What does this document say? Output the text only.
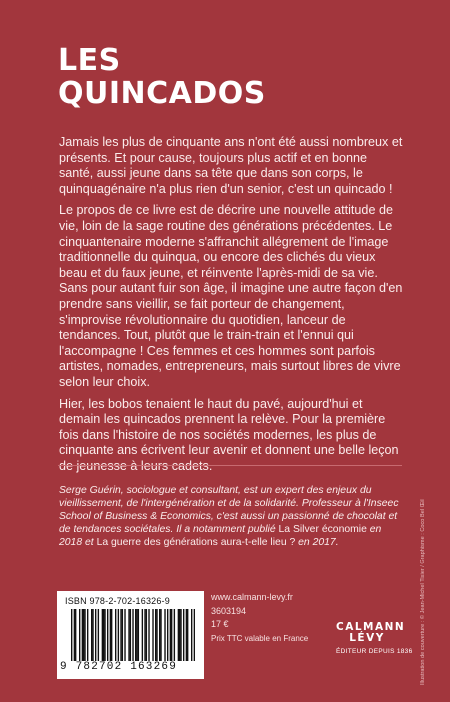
LES
QUINCADOS

Jamais les plus de cinquante ans n'ont été aussi nombreux et présents. Et pour cause, toujours plus actif et en bonne santé, aussi jeune dans sa tête que dans son corps, le quinquagénaire n'a plus rien d'un senior, c'est un quincado !

Le propos de ce livre est de décrire une nouvelle attitude de vie, loin de la sage routine des générations précédentes. Le cinquantenaire moderne s'affranchit allégrement de l'image traditionnelle du quinqua, ou encore des clichés du vieux beau et du faux jeune, et réinvente l'après-midi de sa vie. Sans pour autant fuir son âge, il imagine une autre façon d'en prendre sans vieillir, se fait porteur de changement, s'improvise révolutionnaire du quotidien, lanceur de tendances. Tout, plutôt que le train-train et l'ennui qui l'accompagne ! Ces femmes et ces hommes sont parfois artistes, nomades, entrepreneurs, mais surtout libres de vivre selon leur choix.

Hier, les bobos tenaient le haut du pavé, aujourd'hui et demain les quincados prennent la relève. Pour la première fois dans l'histoire de nos sociétés modernes, les plus de cinquante ans écrivent leur avenir et donnent une belle leçon

Serge Guérin, sociologue et consultant, est un expert des enjeux du vieillissement, de l'intergénération et de la solidarité. Professeur à l'Inseec School of Business & Economics, c'est aussi un passionné de chocolat et de tendances sociétales. Il a notamment publié La Silver économie en 2018 et La guerre des générations aura-t-elle lieu ? en 2017.
ISBN 978-2-702-16326-9
9 782702 163269
www.calmann-levy.fr
3603194
17 €
Prix TTC valable en France
CALMANN
LÉVY
ÉDITEUR DEPUIS 1836 Illustration de couverture : © Jean-Michel Tixier / Graphisme : Coco Bel Œil
